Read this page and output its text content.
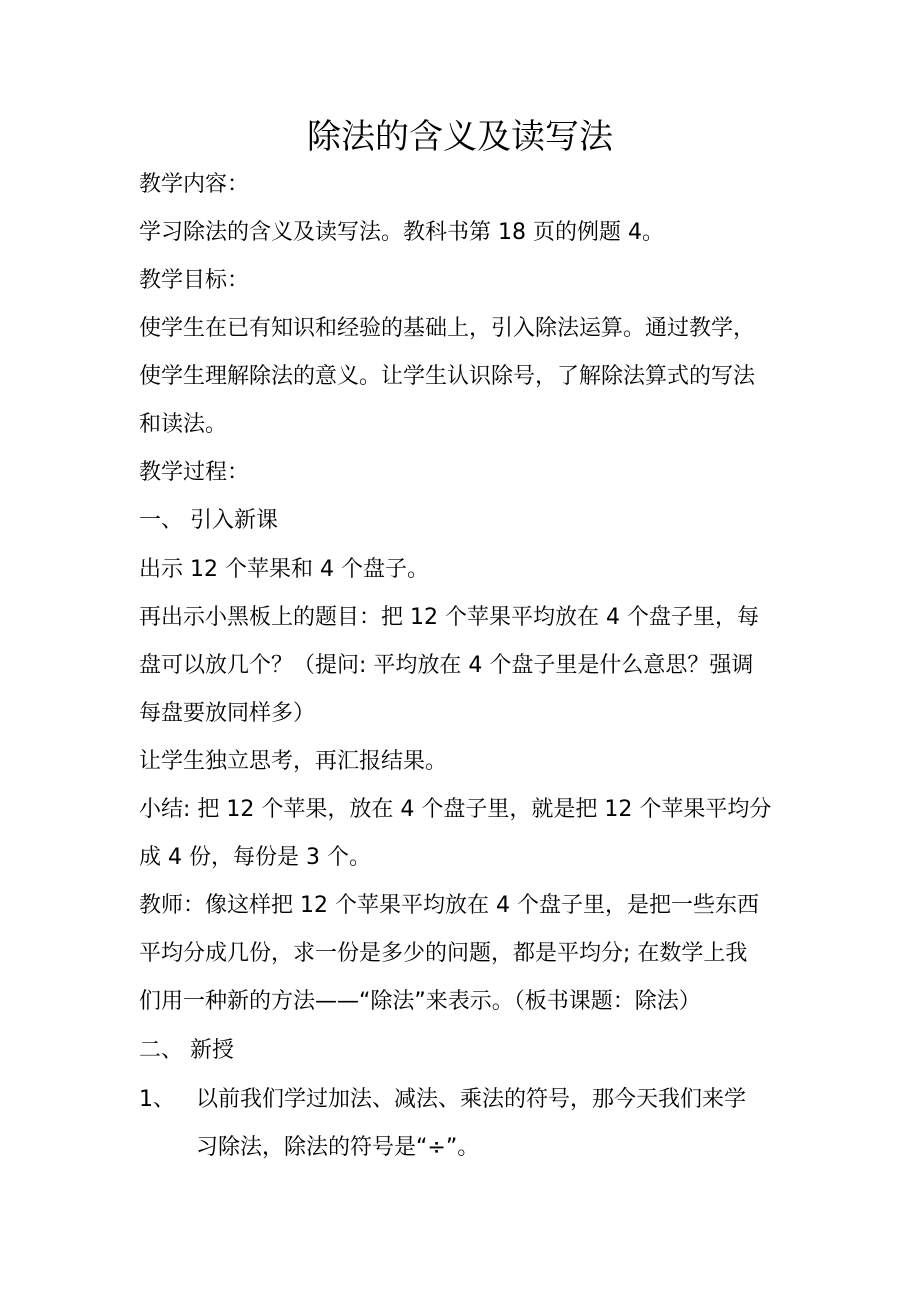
除法的含义及读写法
教学内容：
学习除法的含义及读写法。教科书第 18 页的例题 4。
教学目标：
使学生在已有知识和经验的基础上，引入除法运算。通过教学，
使学生理解除法的意义。让学生认识除号，了解除法算式的写法
和读法。
教学过程：
一、 引入新课
出示 12 个苹果和 4 个盘子。
再出示小黑板上的题目：把 12 个苹果平均放在 4 个盘子里，每
盘可以放几个？（提问: 平均放在 4 个盘子里是什么意思？强调
每盘要放同样多）
让学生独立思考，再汇报结果。
小结: 把 12 个苹果，放在 4 个盘子里，就是把 12 个苹果平均分
成 4 份，每份是 3 个。
教师：像这样把 12 个苹果平均放在 4 个盘子里，是把一些东西
平均分成几份，求一份是多少的问题，都是平均分; 在数学上我
们用一种新的方法——“除法”来表示。（板书课题：除法）
二、 新授
1、 以前我们学过加法、减法、乘法的符号，那今天我们来学
习除法，除法的符号是“÷”。
